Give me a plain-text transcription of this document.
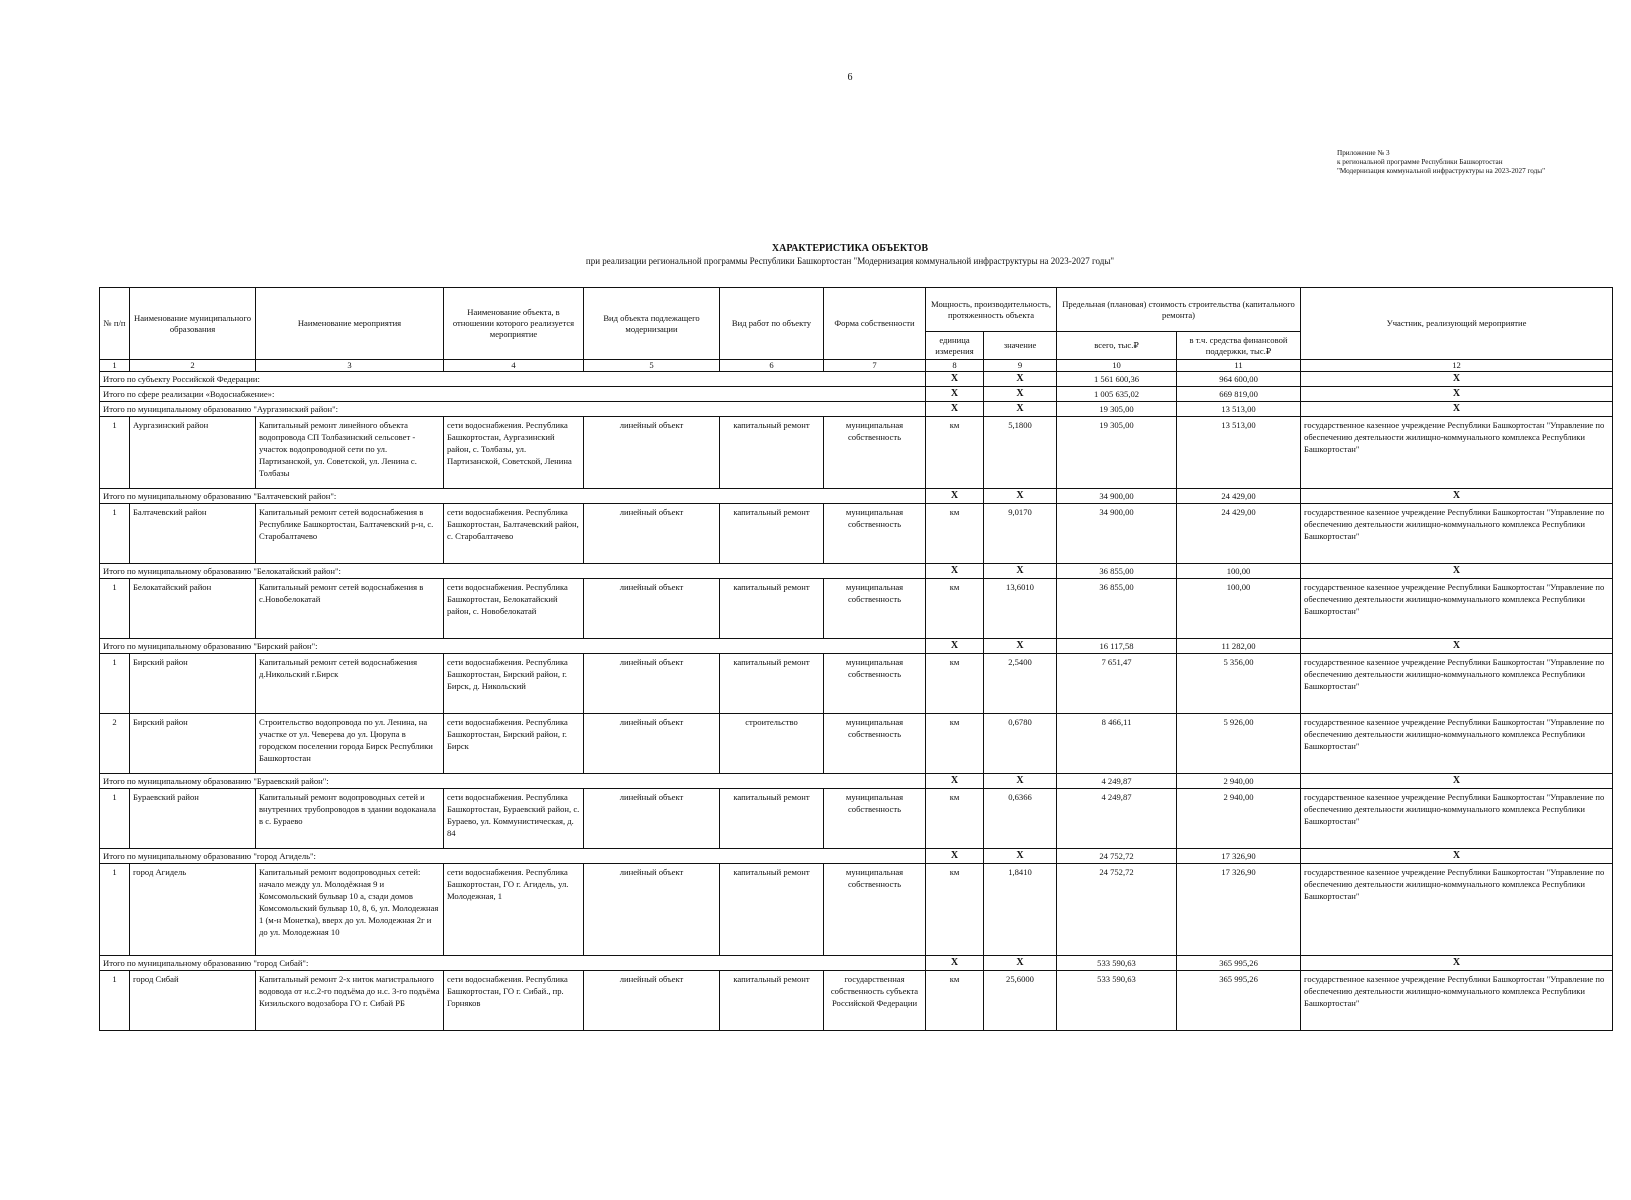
6
Приложение № 3
к региональной программе Республики Башкортостан
"Модернизация коммунальной инфраструктуры на 2023-2027 годы"
ХАРАКТЕРИСТИКА ОБЪЕКТОВ
при реализации региональной программы Республики Башкортостан "Модернизация коммунальной инфраструктуры на 2023-2027 годы"
№ п/п	Наименование муниципального образования	Наименование мероприятия	Наименование объекта, в отношении которого реализуется мероприятие	Вид объекта подлежащего модернизации	Вид работ по объекту	Форма собственности	Мощность, производительность, протяженность объекта		Предельная (плановая) стоимость строительства (капитального ремонта)		Участник, реализующий мероприятие
							единица измерения	значение	всего, тыс.₽	в т.ч. средства финансовой поддержки, тыс.₽	
1	2	3	4	5	6	7	8	9	10	11	12
Итого по субъекту Российской Федерации:							X	X	1 561 600,36	964 600,00	X
Итого по сфере реализации «Водоснабжение»:							X	X	1 005 635,02	669 819,00	X
Итого по муниципальному образованию "Аургазинский район":							X	X	19 305,00	13 513,00	X
1	Аургазинский район	Капитальный ремонт линейного объекта водопровода СП Толбазинский сельсовет - участок водопроводной сети по ул. Партизанской, ул. Советской, ул. Ленина с. Толбазы	сети водоснабжения. Республика Башкортостан, Аургазинский район, с. Толбазы, ул. Партизанской, Советской, Ленина	линейный объект	капитальный ремонт	муниципальная собственность	км	5,1800	19 305,00	13 513,00	государственное казенное учреждение Республики Башкортостан "Управление по обеспечению деятельности жилищно-коммунального комплекса Республики Башкортостан"
Итого по муниципальному образованию "Балтачевский район":							X	X	34 900,00	24 429,00	X
1	Балтачевский район	Капитальный ремонт сетей водоснабжения в Республике Башкортостан, Балтачевский р-н, с. Старобалтачево	сети водоснабжения. Республика Башкортостан, Балтачевский район, с. Старобалтачево	линейный объект	капитальный ремонт	муниципальная собственность	км	9,0170	34 900,00	24 429,00	государственное казенное учреждение Республики Башкортостан "Управление по обеспечению деятельности жилищно-коммунального комплекса Республики Башкортостан"
Итого по муниципальному образованию "Белокатайский район":							X	X	36 855,00	100,00	X
1	Белокатайский район	Капитальный ремонт сетей водоснабжения в с.Новобелокатай	сети водоснабжения. Республика Башкортостан, Белокатайский район, с. Новобелокатай	линейный объект	капитальный ремонт	муниципальная собственность	км	13,6010	36 855,00	100,00	государственное казенное учреждение Республики Башкортостан "Управление по обеспечению деятельности жилищно-коммунального комплекса Республики Башкортостан"
Итого по муниципальному образованию "Бирский район":							X	X	16 117,58	11 282,00	X
1	Бирский район	Капитальный ремонт сетей водоснабжения д.Никольский г.Бирск	сети водоснабжения. Республика Башкортостан, Бирский район, г. Бирск, д. Никольский	линейный объект	капитальный ремонт	муниципальная собственность	км	2,5400	7 651,47	5 356,00	государственное казенное учреждение Республики Башкортостан "Управление по обеспечению деятельности жилищно-коммунального комплекса Республики Башкортостан"
2	Бирский район	Строительство водопровода по ул. Ленина, на участке от ул. Чеверева до ул. Цюрупа в городском поселении города Бирск Республики Башкортостан	сети водоснабжения. Республика Башкортостан, Бирский район, г. Бирск	линейный объект	строительство	муниципальная собственность	км	0,6780	8 466,11	5 926,00	государственное казенное учреждение Республики Башкортостан "Управление по обеспечению деятельности жилищно-коммунального комплекса Республики Башкортостан"
Итого по муниципальному образованию "Бураевский район":							X	X	4 249,87	2 940,00	X
1	Бураевский район	Капитальный ремонт водопроводных сетей и внутренних трубопроводов в здании водоканала в с. Бураево	сети водоснабжения. Республика Башкортостан, Бураевский район, с. Бураево, ул. Коммунистическая, д. 84	линейный объект	капитальный ремонт	муниципальная собственность	км	0,6366	4 249,87	2 940,00	государственное казенное учреждение Республики Башкортостан "Управление по обеспечению деятельности жилищно-коммунального комплекса Республики Башкортостан"
Итого по муниципальному образованию "город Агидель":							X	X	24 752,72	17 326,90	X
1	город Агидель	Капитальный ремонт водопроводных сетей: начало между ул. Молодёжная 9 и Комсомольский бульвар 10 а, сзади домов Комсомольский бульвар 10, 8, 6, ул. Молодежная 1 (м-н Монетка), вверх до ул. Молодежная 2г и до ул. Молодежная 10	сети водоснабжения. Республика Башкортостан, ГО г. Агидель, ул. Молодежная, 1	линейный объект	капитальный ремонт	муниципальная собственность	км	1,8410	24 752,72	17 326,90	государственное казенное учреждение Республики Башкортостан "Управление по обеспечению деятельности жилищно-коммунального комплекса Республики Башкортостан"
Итого по муниципальному образованию "город Сибай":							X	X	533 590,63	365 995,26	X
1	город Сибай	Капитальный ремонт 2-х ниток магистрального водовода от н.с.2-го подъёма до н.с. 3-го подъёма Кизильского водозабора ГО г. Сибай РБ	сети водоснабжения. Республика Башкортостан, ГО г. Сибай., пр. Горняков	линейный объект	капитальный ремонт	государственная собственность субъекта Российской Федерации	км	25,6000	533 590,63	365 995,26	государственное казенное учреждение Республики Башкортостан "Управление по обеспечению деятельности жилищно-коммунального комплекса Республики Башкортостан"
